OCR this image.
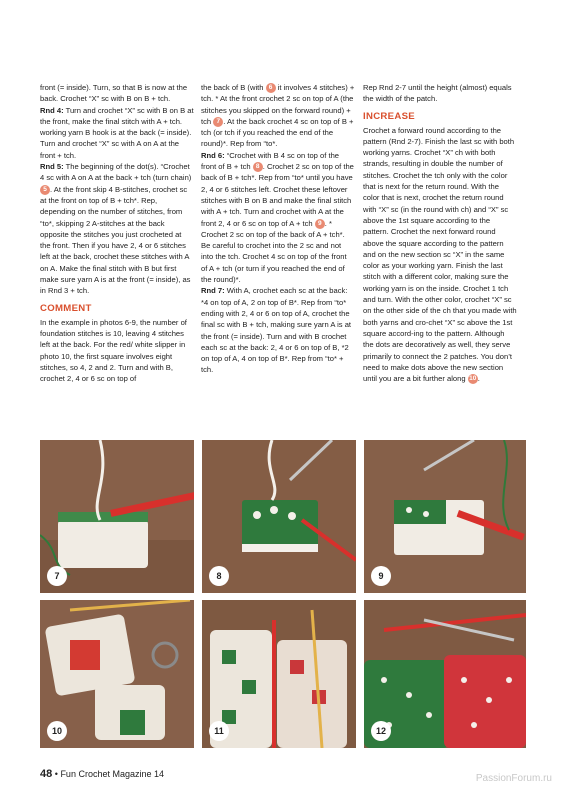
front (= inside). Turn, so that B is now at the back. Crochet “X” sc with B on B + tch.

Rnd 4: Turn and crochet “X” sc with B on B at the front, make the final stitch with A + tch. working yarn B hook is at the back (= inside). Turn and crochet “X” sc with A on A at the front + tch.

Rnd 5: The beginning of the dot(s). “Crochet 4 sc with A on A at the back + tch (turn chain) 5 . At the front skip 4 B-stitches, crochet sc at the front on top of B + tch*. Rep, depending on the number of stitches, from “to*, skipping 2 A-stitches at the back opposite the stitches you just crocheted at the front. Then if you have 2, 4 or 6 stitches left at the back, crochet these stitches with A on A. Make the final stitch with B but first make sure yarn A is at the front (= inside), as in Rnd 3 + tch.

COMMENT

In the example in photos 6-9, the number of foundation stitches is 10, leaving 4 stitches left at the back. For the red/ white slipper in photo 10, the first square involves eight stitches, so 4, 2 and 2. Turn and with B, crochet 2, 4 or 6 sc on top of

the back of B (with 6 it involves 4 stitches) + tch. * At the front crochet 2 sc on top of A (the stitches you skipped on the forward round) + tch 7 . At the back crochet 4 sc on top of B + tch (or tch if you reached the end of the round)*. Rep from “to*.

Rnd 6: “Crochet with B 4 sc on top of the front of B + tch 8 . Crochet 2 sc on top of the back of B + tch*. Rep from “to* until you have 2, 4 or 6 stitches left. Crochet these leftover stitches with B on B and make the final stitch with A + tch. Turn and crochet with A at the front 2, 4 or 6 sc on top of A + tch 9 . * Crochet 2 sc on top of the back of A + tch*. Be careful to crochet into the 2 sc and not into the tch. Crochet 4 sc on top of the front of A + tch (or turn if you reached the end of the round)*.

Rnd 7: With A, crochet each sc at the back: *4 on top of A, 2 on top of B*. Rep from “to* ending with 2, 4 or 6 on top of A, crochet the final sc with B + tch, making sure yarn A is at the front (= inside). Turn and with B crochet each sc at the back: 2, 4 or 6 on top of B, *2 on top of A, 4 on top of B*. Rep from “to* + tch.

Rep Rnd 2-7 until the height (almost) equals the width of the patch.

INCREASE

Crochet a forward round according to the pattern (Rnd 2-7). Finish the last sc with both working yarns. Crochet “X” ch with both strands, resulting in double the number of stitches. Crochet the tch only with the color that is next for the return round. With the color that is next, crochet the return round with “X” sc (in the round with ch) and “X” sc above the 1st square according to the pattern. Crochet the next forward round above the square according to the pattern and on the new section sc “X” in the same color as your working yarn. Finish the last stitch with a different color, making sure the working yarn is on the inside. Crochet 1 tch and turn. With the other color, crochet “X” sc on the other side of the ch that you made with both yarns and cro-chet “X” sc above the 1st square accord-ing to the pattern. Although the dots are decoratively as well, they serve primarily to connect the 2 patches. You don’t need to make dots above the new section until you are a bit further along 10.

7	8	9
10	11	12
48 • Fun Crochet Magazine 14	PassionForum.ru
